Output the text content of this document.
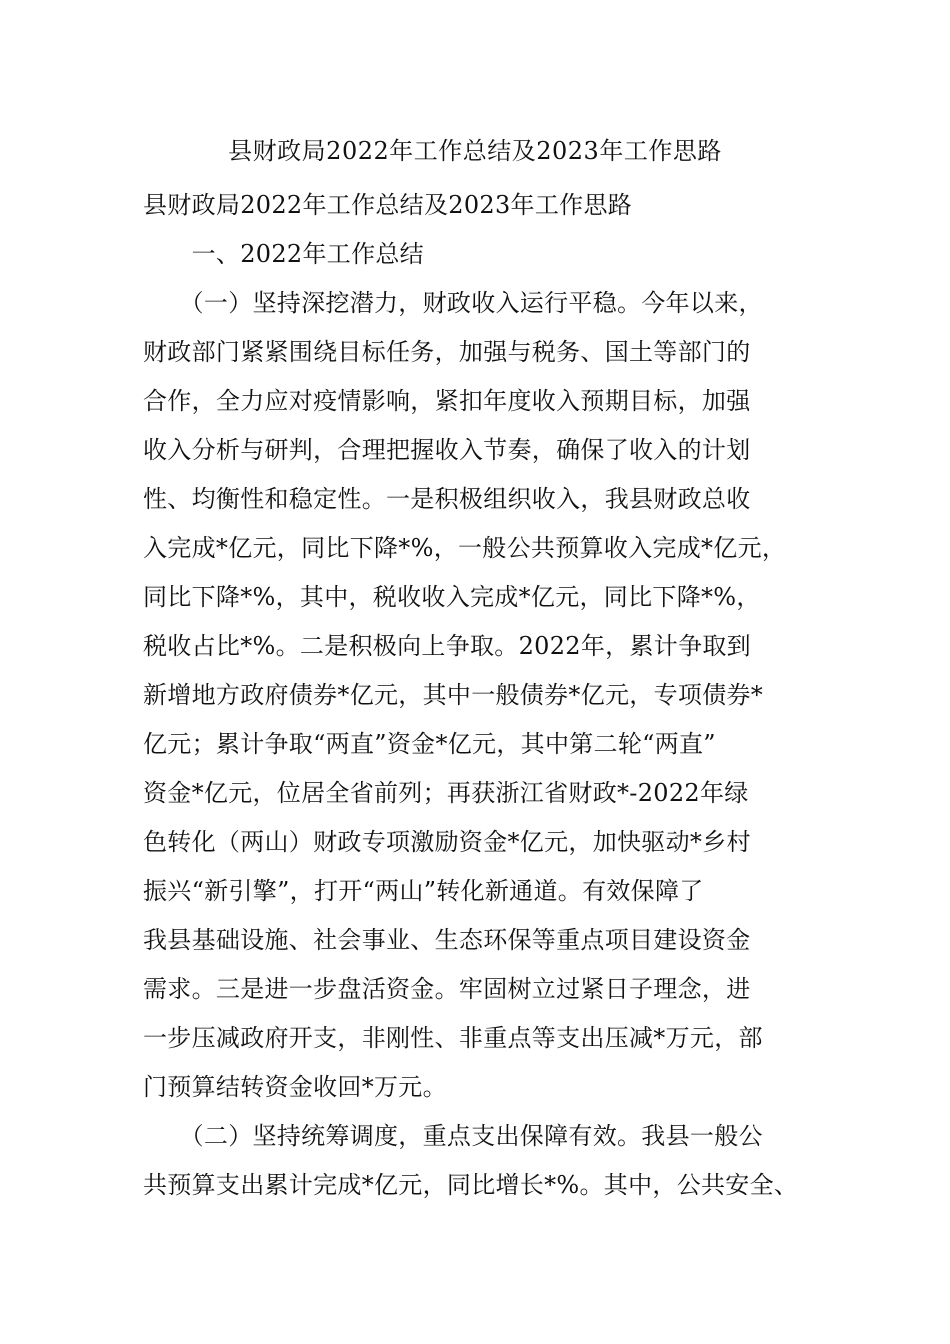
县财政局2022年工作总结及2023年工作思路
县财政局2022年工作总结及2023年工作思路
　　一、2022年工作总结
　　（一）坚持深挖潜力，财政收入运行平稳。今年以来，
财政部门紧紧围绕目标任务，加强与税务、国土等部门的
合作，全力应对疫情影响，紧扣年度收入预期目标，加强
收入分析与研判，合理把握收入节奏，确保了收入的计划
性、均衡性和稳定性。一是积极组织收入，我县财政总收
入完成*亿元，同比下降*%，一般公共预算收入完成*亿元，
同比下降*%，其中，税收收入完成*亿元，同比下降*%，
税收占比*%。二是积极向上争取。2022年，累计争取到
新增地方政府债券*亿元，其中一般债券*亿元，专项债券*
亿元；累计争取“两直”资金*亿元，其中第二轮“两直”
资金*亿元，位居全省前列；再获浙江省财政*-2022年绿
色转化（两山）财政专项激励资金*亿元，加快驱动*乡村
振兴“新引擎”，打开“两山”转化新通道。有效保障了
我县基础设施、社会事业、生态环保等重点项目建设资金
需求。三是进一步盘活资金。牢固树立过紧日子理念，进
一步压减政府开支，非刚性、非重点等支出压减*万元，部
门预算结转资金收回*万元。
　　（二）坚持统筹调度，重点支出保障有效。我县一般公
共预算支出累计完成*亿元，同比增长*%。其中，公共安全、
